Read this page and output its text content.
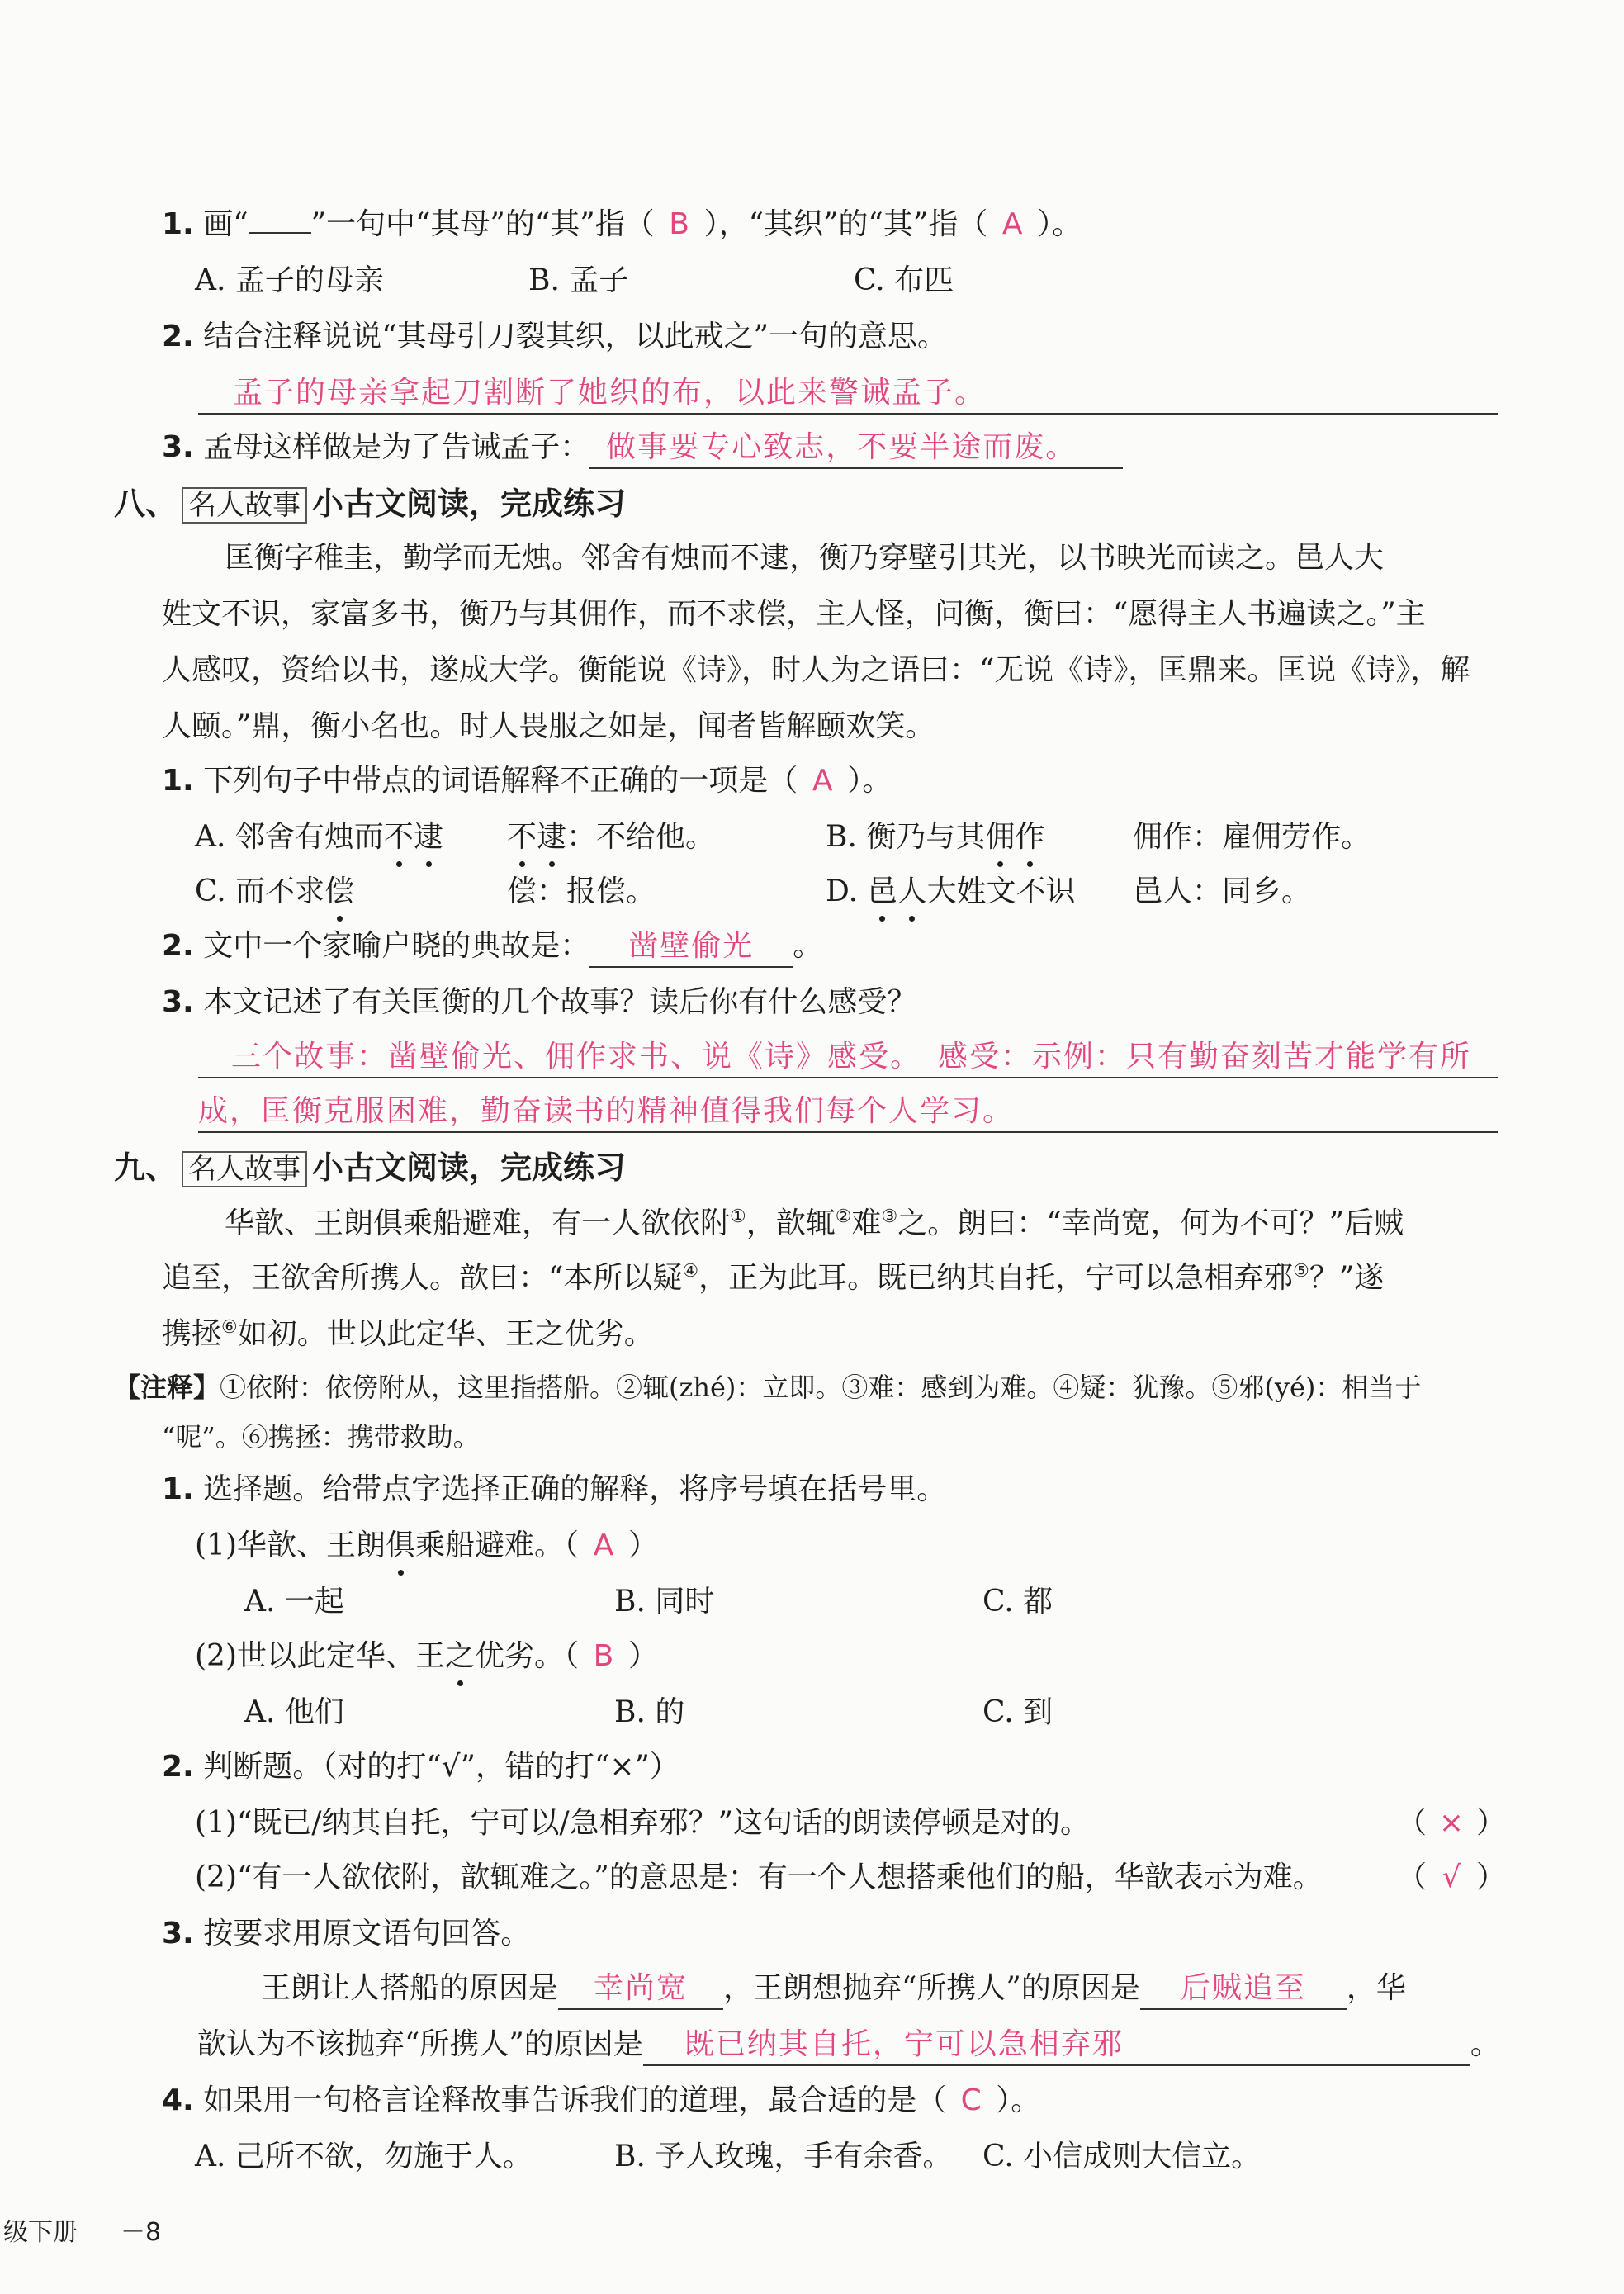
1. 画“ ”一句中“其母”的“其”指（ B ），“其织”的“其”指（ A ）。
A. 孟子的母亲	B. 孟子	C. 布匹
2. 结合注释说说“其母引刀裂其织，以此戒之”一句的意思。
孟子的母亲拿起刀割断了她织的布，以此来警诫孟子。
3. 孟母这样做是为了告诫孟子： 做事要专心致志，不要半途而废。
八、 名人故事 小古文阅读，完成练习
匡衡字稚圭，勤学而无烛。邻舍有烛而不逮，衡乃穿壁引其光，以书映光而读之。邑人大
姓文不识，家富多书，衡乃与其佣作，而不求偿，主人怪，问衡，衡曰：“愿得主人书遍读之。”主
人感叹，资给以书，遂成大学。衡能说《诗》，时人为之语曰：“无说《诗》，匡鼎来。匡说《诗》，解
人颐。”鼎，衡小名也。时人畏服之如是，闻者皆解颐欢笑。
1. 下列句子中带点的词语解释不正确的一项是（ A ）。
A. 邻舍有烛而不逮 不逮：不给他。	B. 衡乃与其佣作	佣作：雇佣劳作。
C. 而不求偿	偿：报偿。	D. 邑人大姓文不识 邑人：同乡。
2. 文中一个家喻户晓的典故是： 凿壁偷光 。
3. 本文记述了有关匡衡的几个故事？读后你有什么感受？
三个故事：凿壁偷光、佣作求书、说《诗》感受。　感受：示例：只有勤奋刻苦才能学有所
成，匡衡克服困难，勤奋读书的精神值得我们每个人学习。
九、 名人故事 小古文阅读，完成练习
华歆、王朗俱乘船避难，有一人欲依附①，歆辄②难③之。朗曰：“幸尚宽，何为不可？”后贼
追至，王欲舍所携人。歆曰：“本所以疑④，正为此耳。既已纳其自托，宁可以急相弃邪⑤？”遂
携拯⑥如初。世以此定华、王之优劣。
【注释】①依附：依傍附从，这里指搭船。②辄(zhé)：立即。③难：感到为难。④疑：犹豫。⑤邪(yé)：相当于
“呢”。⑥携拯：携带救助。
1. 选择题。给带点字选择正确的解释，将序号填在括号里。
(1)华歆、王朗俱乘船避难。（ A ）
A. 一起	B. 同时	C. 都
(2)世以此定华、王之优劣。（ B ）
A. 他们	B. 的	C. 到
2. 判断题。（对的打“√”，错的打“×”）
(1)“既已/纳其自托，宁可以/急相弃邪？”这句话的朗读停顿是对的。	（ × ）
(2)“有一人欲依附，歆辄难之。”的意思是：有一个人想搭乘他们的船，华歆表示为难。	（ √ ）
3. 按要求用原文语句回答。
王朗让人搭船的原因是 幸尚宽 ，王朗想抛弃“所携人”的原因是 后贼追至 ，华
歆认为不该抛弃“所携人”的原因是 既已纳其自托，宁可以急相弃邪	。
4. 如果用一句格言诠释故事告诉我们的道理，最合适的是（ C ）。
A. 己所不欲，勿施于人。	B. 予人玫瑰，手有余香。 C. 小信成则大信立。
级下册 －8
